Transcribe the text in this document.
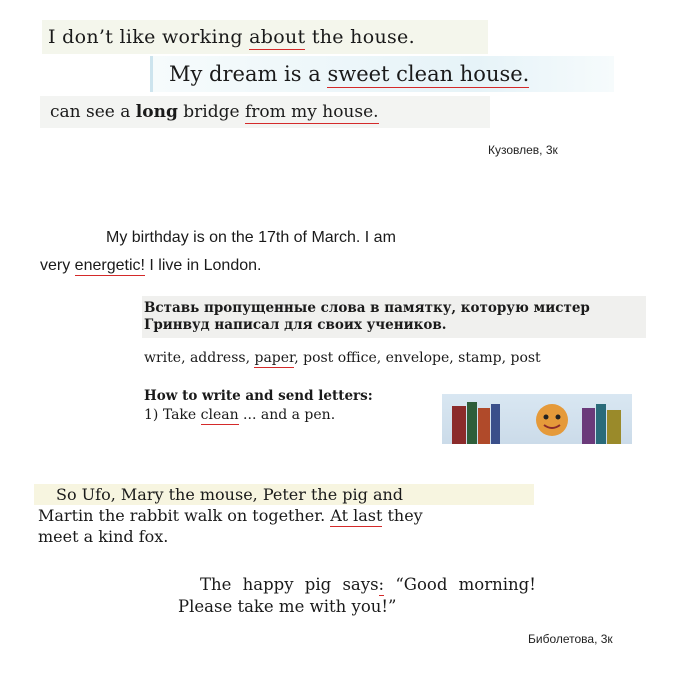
I don’t like working about the house.
My dream is a sweet clean house.
can see a long bridge from my house.
Кузовлев, 3к
My birthday is on the 17th of March. I am
very energetic! I live in London.
Вставь пропущенные слова в памятку, которую мистер Гринвуд написал для своих учеников.
write, address, paper, post office, envelope, stamp, post
How to write and send letters:
1) Take clean ... and a pen.
So Ufo, Mary the mouse, Peter the pig and
Martin the rabbit walk on together. At last they
meet a kind fox.
The happy pig says: “Good morning!
Please take me with you!”
Биболетова, 3к
